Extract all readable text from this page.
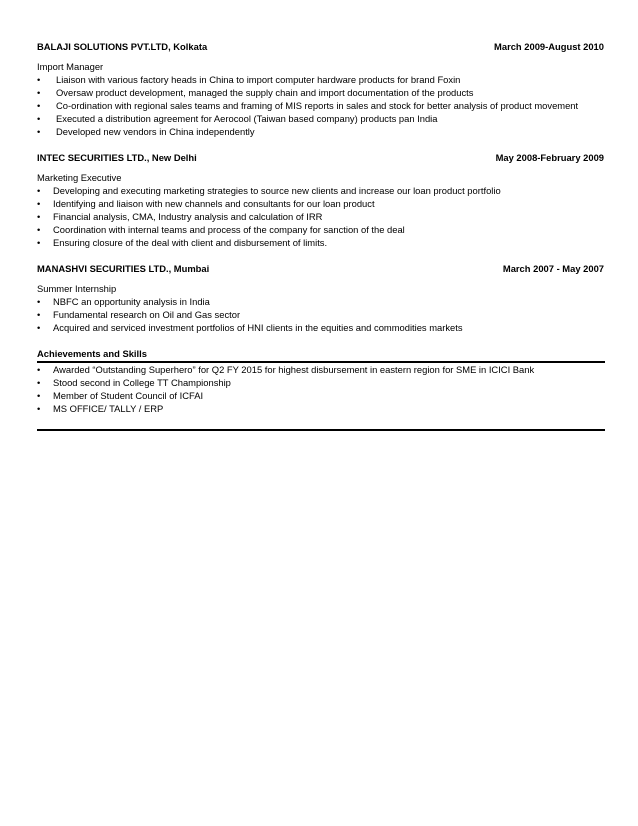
BALAJI SOLUTIONS PVT.LTD, Kolkata	March 2009-August 2010
Import Manager
•	Liaison with various factory heads in China to import computer hardware products for brand Foxin
•	Oversaw product development, managed the supply chain and import documentation of the products
•	Co-ordination with regional sales teams and framing of MIS reports in sales and stock for better analysis of product movement
•	Executed a distribution agreement for Aerocool (Taiwan based company) products pan India
•	Developed new vendors in China independently
INTEC SECURITIES LTD., New Delhi	May 2008-February 2009
Marketing Executive
•	Developing and executing marketing strategies to source new clients and increase our loan product portfolio
•	Identifying and liaison with new channels and consultants for our loan product
•	Financial analysis, CMA, Industry analysis and calculation of IRR
•	Coordination with internal teams and process of the company for sanction of the deal
•	Ensuring closure of the deal with client and disbursement of limits.
MANASHVI SECURITIES LTD., Mumbai	March 2007 - May 2007
Summer Internship
•	NBFC an opportunity analysis in India
•	Fundamental research on Oil and Gas sector
•	Acquired and serviced investment portfolios of HNI clients in the equities and commodities markets
Achievements and Skills
•	Awarded “Outstanding Superhero” for Q2 FY 2015 for highest disbursement in eastern region for SME in ICICI Bank
•	Stood second in College TT Championship
•	Member of Student Council of ICFAI
•	MS OFFICE/ TALLY / ERP
